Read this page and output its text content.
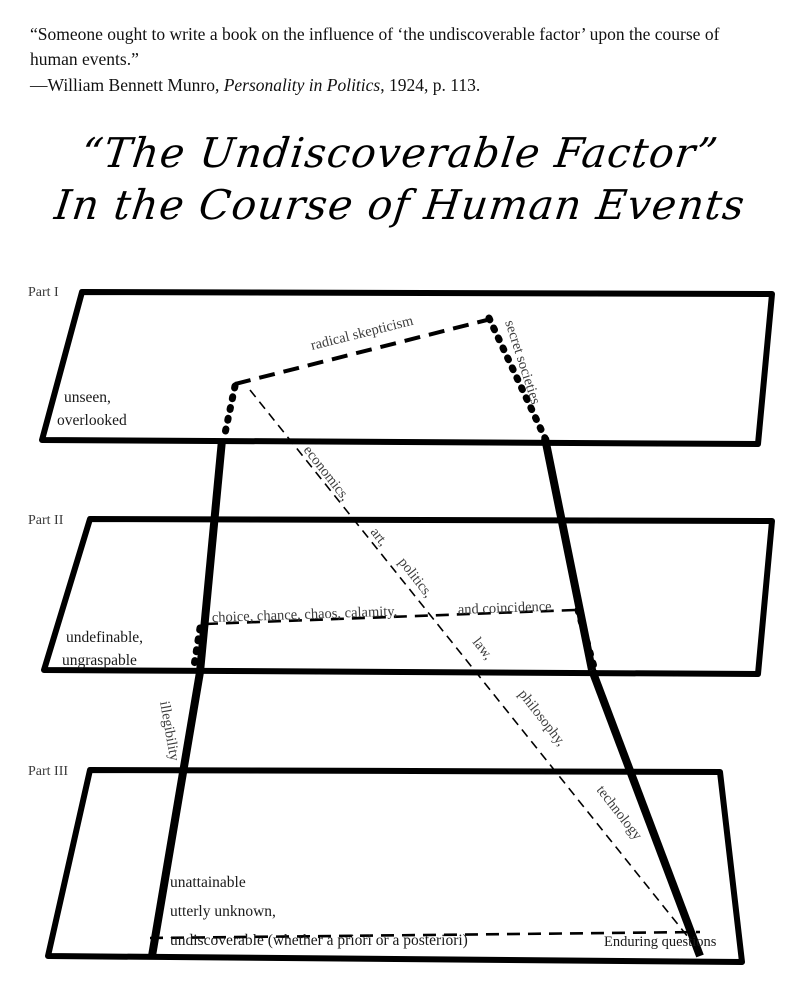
“Someone ought to write a book on the influence of ‘the undiscoverable factor’ upon the course of human events.”
—William Bennett Munro, Personality in Politics, 1924, p. 113.
“The Undiscoverable Factor”
In the Course of Human Events
Part I
Part II
Part III
unseen,
overlooked
undefinable,
ungraspable
unattainable
utterly unknown,
undiscoverable (whether a priori or a posteriori)
radical skepticism	secret societies
economics,
art,
politics,
law,
philosophy,
technology
illegibility
choice, chance, chaos, calamity,	and coincidence
Enduring questions
